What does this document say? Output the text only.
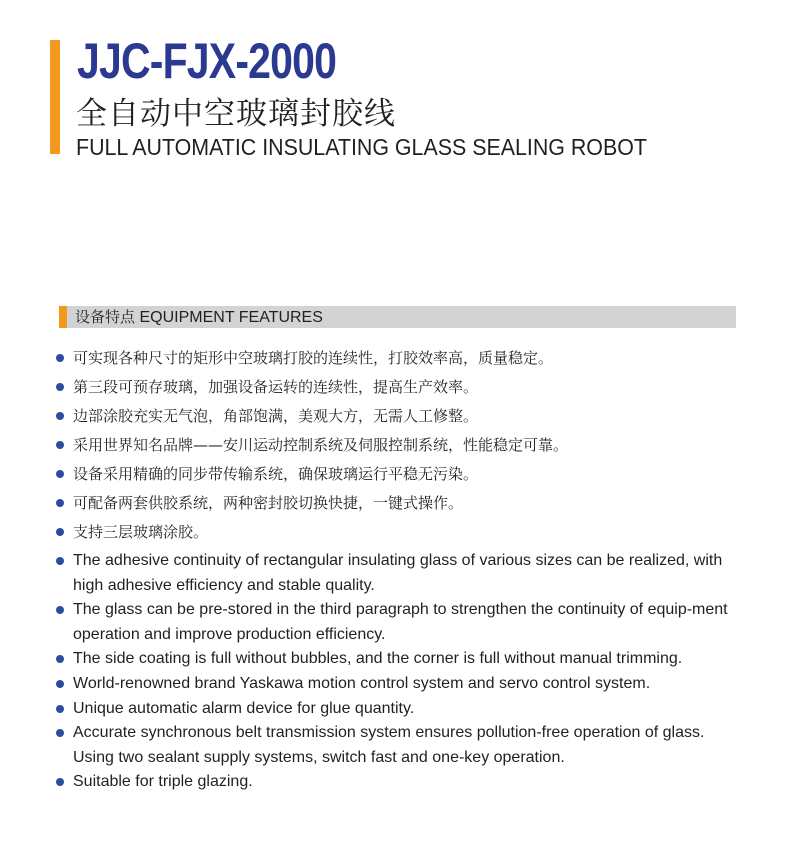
JJC-FJX-2000
全自动中空玻璃封胶线
FULL AUTOMATIC INSULATING GLASS SEALING ROBOT
设备特点 EQUIPMENT FEATURES
可实现各种尺寸的矩形中空玻璃打胶的连续性，打胶效率高，质量稳定。
第三段可预存玻璃，加强设备运转的连续性，提高生产效率。
边部涂胶充实无气泡，角部饱满，美观大方，无需人工修整。
采用世界知名品牌——安川运动控制系统及伺服控制系统，性能稳定可靠。
设备采用精确的同步带传输系统，确保玻璃运行平稳无污染。
可配备两套供胶系统，两种密封胶切换快捷，一键式操作。
支持三层玻璃涂胶。
The adhesive continuity of rectangular insulating glass of various sizes can be realized, with high adhesive efficiency and stable quality.
The glass can be pre-stored in the third paragraph to strengthen the continuity of equip-ment operation and improve production efficiency.
The side coating is full without bubbles, and the corner is full without manual trimming.
World-renowned brand Yaskawa motion control system and servo control system.
Unique automatic alarm device for glue quantity.
Accurate synchronous belt transmission system ensures pollution-free operation of glass. Using two sealant supply systems, switch fast and one-key operation.
Suitable for triple glazing.
